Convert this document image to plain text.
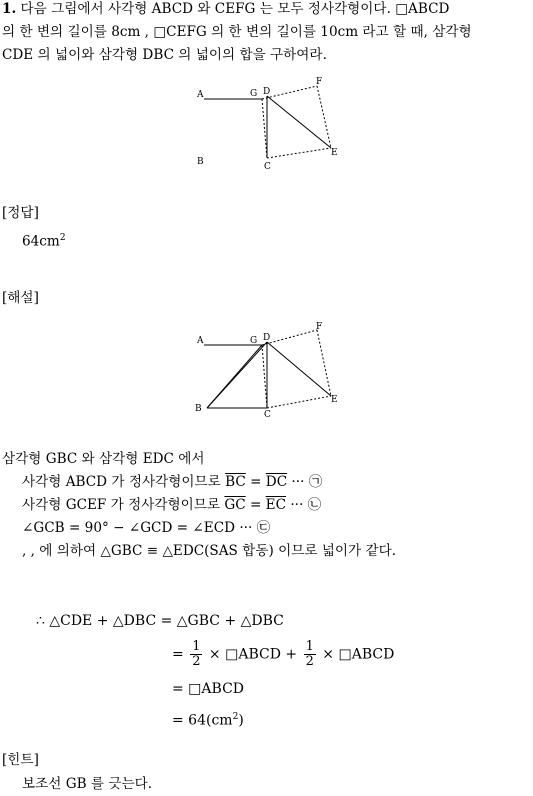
1. 다음 그림에서 사각형 ABCD 와 CEFG 는 모두 정사각형이다. □ABCD
의 한 변의 길이를 8cm , □CEFG 의 한 변의 길이를 10cm 라고 할 때, 삼각형
CDE 의 넓이와 삼각형 DBC 의 넓이의 합을 구하여라.
A	G D
F
E
B	C
[정답]
$64cm^2$
[해설]
A	G D
F
E
B
C
삼각형 GBC 와 삼각형 EDC 에서
사각형 ABCD 가 정사각형이므로 $\overline{BC} = \overline{DC}$ ··· ㉠
사각형 GCEF 가 정사각형이므로 $\overline{GC} = \overline{EC}$ ··· ㉡
∠GCB = 90° − ∠GCD = ∠ECD ··· ㉢
, , 에 의하여 △GBC ≡ △EDC(SAS 합동) 이므로 넓이가 같다.
∴ △CDE + △DBC = △GBC + △DBC
= $\frac{1}{2}$ × □ABCD + $\frac{1}{2}$ × □ABCD
= □ABCD
= $64(cm^2)$
[힌트]
보조선 GB 를 긋는다.
